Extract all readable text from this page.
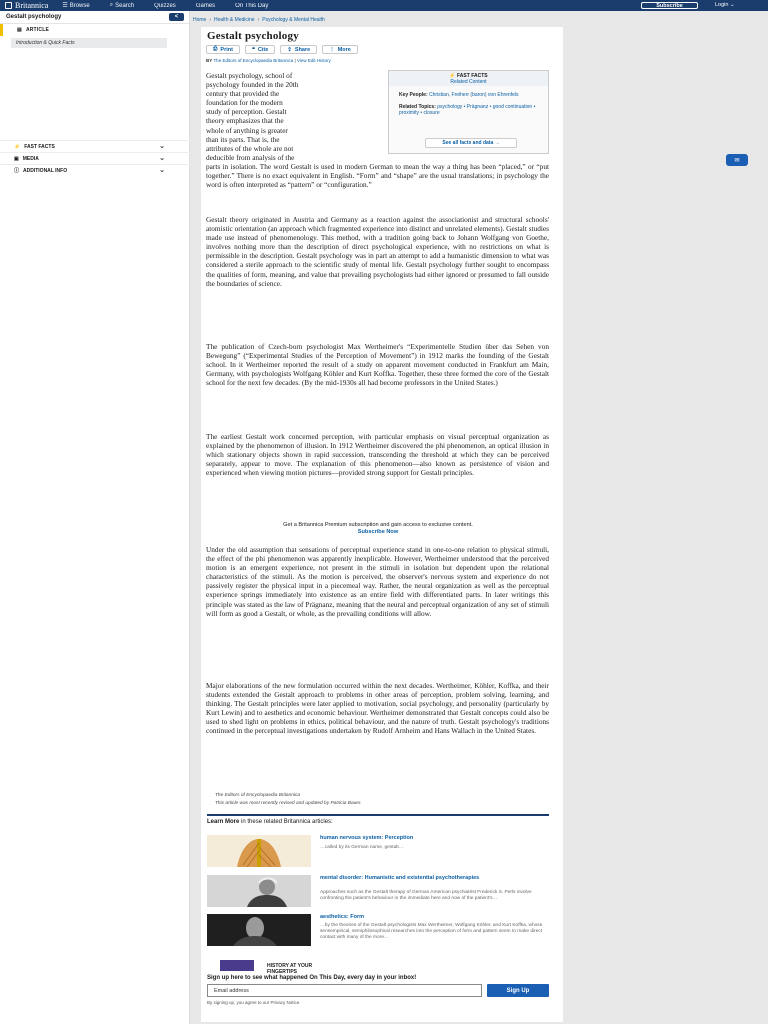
Britannica ☰ Browse	⌕ Search	Quizzes	Games	On This Day	Subscribe	Login ⌄
Gestalt psychology	<
▤ ARTICLE
Introduction & Quick Facts
⚡ FAST FACTS	⌄
▣ MEDIA	⌄
ⓘ ADDITIONAL INFO	⌄
Home › Health & Medicine › Psychology & Mental Health
Gestalt psychology
⎙ Print	❝ Cite	⇪ Share	⋮ More
BY The Editors of Encyclopaedia Britannica | View Edit History
⚡ FAST FACTS
Related Content
Key People: Christian, Freiherr (baron) von Ehrenfels
Related Topics: psychology • Prägnanz • good continuation • proximity • closure
See all facts and data →
Gestalt psychology, school of
psychology founded in the 20th
century that provided the
foundation for the modern
study of perception. Gestalt
theory emphasizes that the
whole of anything is greater
than its parts. That is, the
attributes of the whole are not
deducible from analysis of the
parts in isolation. The word Gestalt is used in modern German to mean the way a thing has been “placed,” or “put together.” There is no exact equivalent in English. “Form” and “shape” are the usual translations; in psychology the word is often interpreted as “pattern” or “configuration.”
Gestalt theory originated in Austria and Germany as a reaction against the associationist and structural schools' atomistic orientation (an approach which fragmented experience into distinct and unrelated elements). Gestalt studies made use instead of phenomenology. This method, with a tradition going back to Johann Wolfgang von Goethe, involves nothing more than the description of direct psychological experience, with no restrictions on what is permissible in the description. Gestalt psychology was in part an attempt to add a humanistic dimension to what was considered a sterile approach to the scientific study of mental life. Gestalt psychology further sought to encompass the qualities of form, meaning, and value that prevailing psychologists had either ignored or presumed to fall outside the boundaries of science.
The publication of Czech-born psychologist Max Wertheimer's “Experimentelle Studien über das Sehen von Bewegung” (“Experimental Studies of the Perception of Movement”) in 1912 marks the founding of the Gestalt school. In it Wertheimer reported the result of a study on apparent movement conducted in Frankfurt am Main, Germany, with psychologists Wolfgang Köhler and Kurt Koffka. Together, these three formed the core of the Gestalt school for the next few decades. (By the mid-1930s all had become professors in the United States.)
The earliest Gestalt work concerned perception, with particular emphasis on visual perceptual organization as explained by the phenomenon of illusion. In 1912 Wertheimer discovered the phi phenomenon, an optical illusion in which stationary objects shown in rapid succession, transcending the threshold at which they can be perceived separately, appear to move. The explanation of this phenomenon—also known as persistence of vision and experienced when viewing motion pictures—provided strong support for Gestalt principles.
Get a Britannica Premium subscription and gain access to exclusive content.
Subscribe Now
Under the old assumption that sensations of perceptual experience stand in one-to-one relation to physical stimuli, the effect of the phi phenomenon was apparently inexplicable. However, Wertheimer understood that the perceived motion is an emergent experience, not present in the stimuli in isolation but dependent upon the relational characteristics of the stimuli. As the motion is perceived, the observer's nervous system and experience do not passively register the physical input in a piecemeal way. Rather, the neural organization as well as the perceptual experience springs immediately into existence as an entire field with differentiated parts. In later writings this principle was stated as the law of Prägnanz, meaning that the neural and perceptual organization of any set of stimuli will form as good a Gestalt, or whole, as the prevailing conditions will allow.
Major elaborations of the new formulation occurred within the next decades. Wertheimer, Köhler, Koffka, and their students extended the Gestalt approach to problems in other areas of perception, problem solving, learning, and thinking. The Gestalt principles were later applied to motivation, social psychology, and personality (particularly by Kurt Lewin) and to aesthetics and economic behaviour. Wertheimer demonstrated that Gestalt concepts could also be used to shed light on problems in ethics, political behaviour, and the nature of truth. Gestalt psychology's traditions continued in the perceptual investigations undertaken by Rudolf Arnheim and Hans Wallach in the United States.
The Editors of Encyclopaedia Britannica
This article was most recently revised and updated by Patricia Bauer.
Learn More in these related Britannica articles:
human nervous system: Perception
…called by its German name, gestalt…
mental disorder: Humanistic and existential psychotherapies
Approaches such as the Gestalt therapy of German American psychiatrist Frederick S. Perls involve confronting the patient's behaviour in the immediate here and now of the patient's…
aesthetics: Form
…by the theories of the Gestalt psychologists Max Wertheimer, Wolfgang Köhler, and Kurt Koffka, whose sensempirical, semiphilosophical researches into the perception of form and pattern seem to make direct contact with many of the more…
HISTORY AT YOUR
FINGERTIPS
Sign up here to see what happened On This Day, every day in your inbox!
Email address	Sign Up
By signing up, you agree to our Privacy Notice.
✉
